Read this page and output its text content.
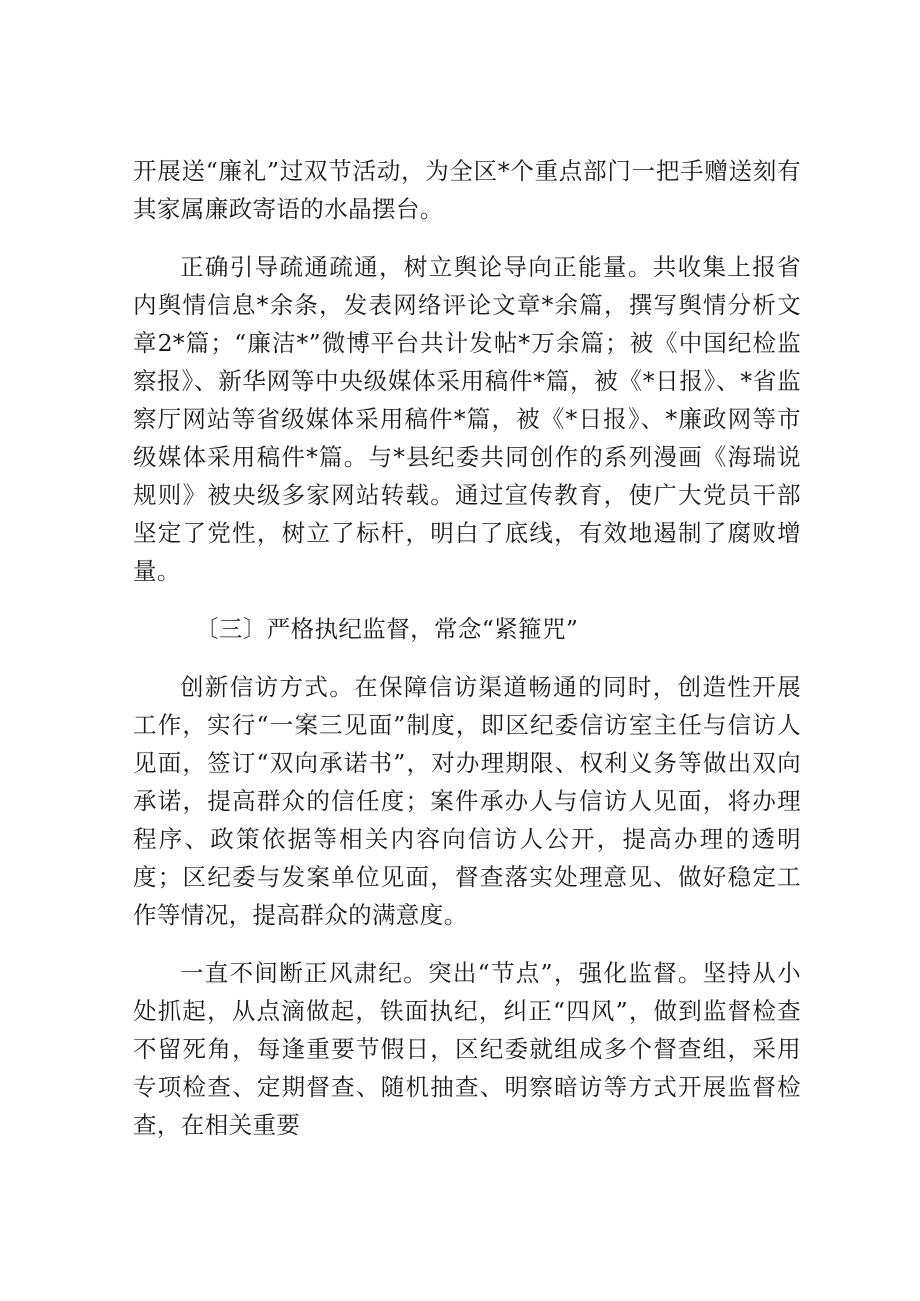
开展送“廉礼”过双节活动，为全区*个重点部门一把手赠送刻有其家属廉政寄语的水晶摆台。

正确引导疏通疏通，树立舆论导向正能量。共收集上报省内舆情信息*余条，发表网络评论文章*余篇，撰写舆情分析文章2*篇；“廉洁*”微博平台共计发帖*万余篇；被《中国纪检监察报》、新华网等中央级媒体采用稿件*篇，被《*日报》、*省监察厅网站等省级媒体采用稿件*篇，被《*日报》、*廉政网等市级媒体采用稿件*篇。与*县纪委共同创作的系列漫画《海瑞说规则》被央级多家网站转载。通过宣传教育，使广大党员干部坚定了党性，树立了标杆，明白了底线，有效地遏制了腐败增量。

〔三〕严格执纪监督，常念“紧箍咒”

创新信访方式。在保障信访渠道畅通的同时，创造性开展工作，实行“一案三见面”制度，即区纪委信访室主任与信访人见面，签订“双向承诺书”，对办理期限、权利义务等做出双向承诺，提高群众的信任度；案件承办人与信访人见面，将办理程序、政策依据等相关内容向信访人公开，提高办理的透明度；区纪委与发案单位见面，督查落实处理意见、做好稳定工作等情况，提高群众的满意度。

一直不间断正风肃纪。突出“节点”，强化监督。坚持从小处抓起，从点滴做起，铁面执纪，纠正“四风”，做到监督检查不留死角，每逢重要节假日，区纪委就组成多个督查组，采用专项检查、定期督查、随机抽查、明察暗访等方式开展监督检查，在相关重要
